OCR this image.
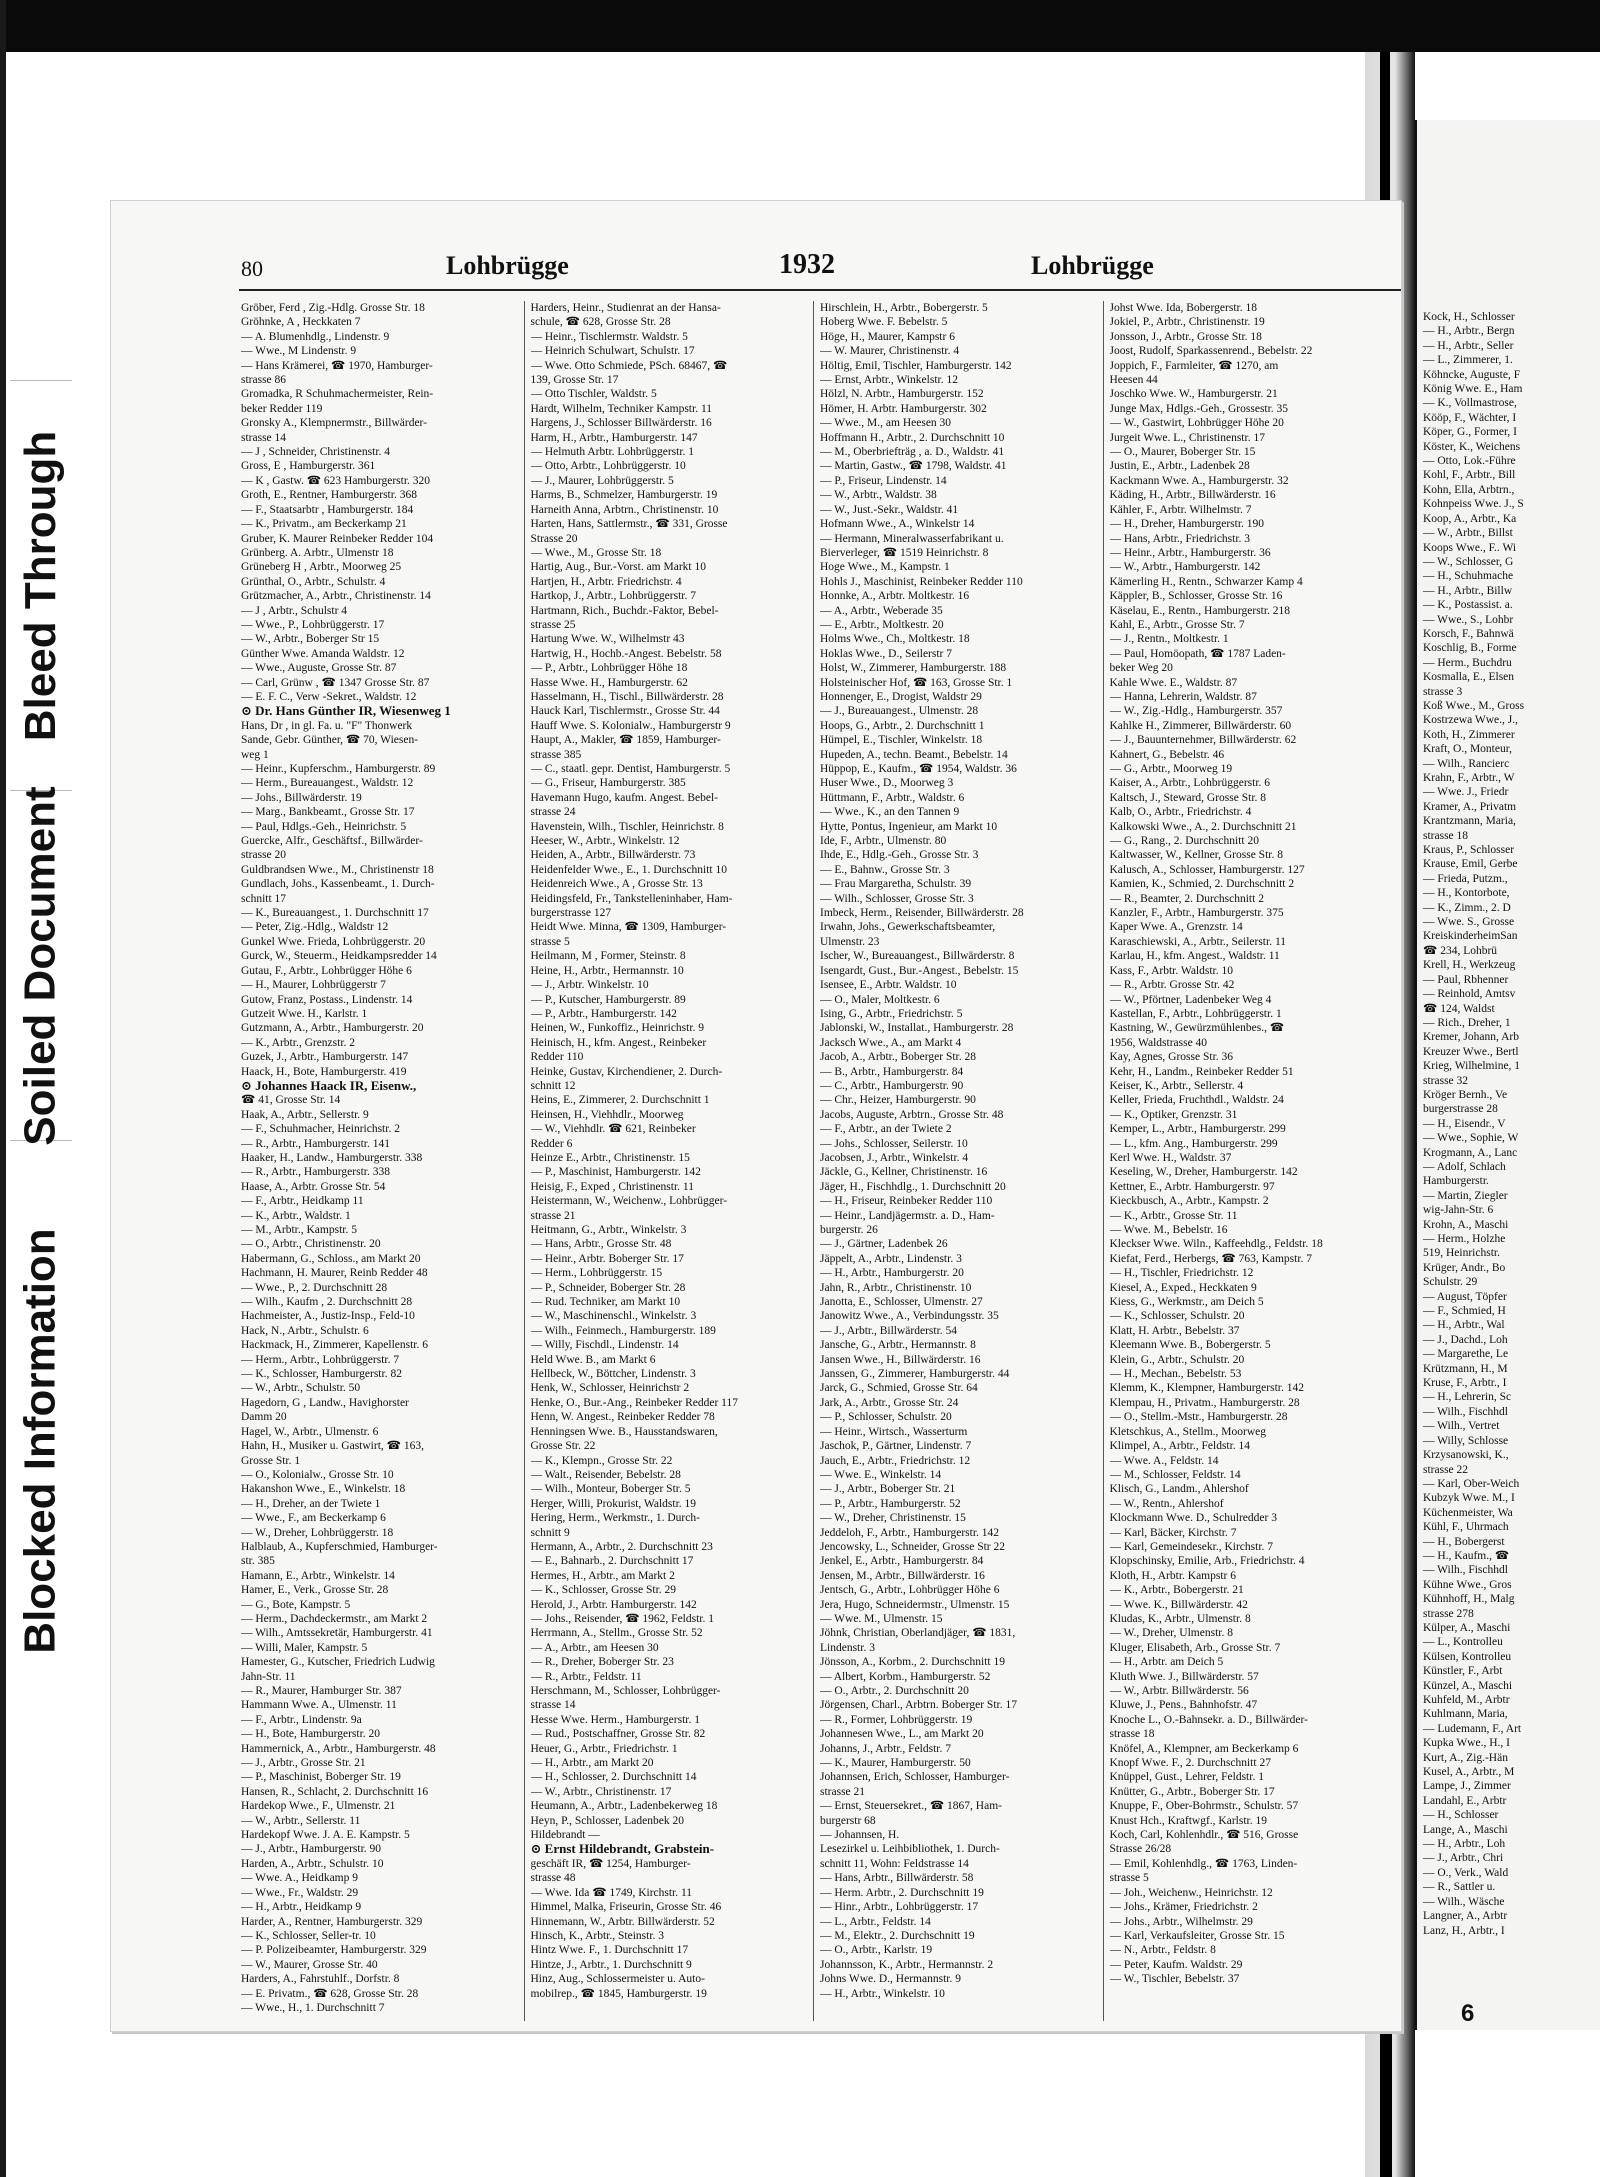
Blocked Information
Soiled Document
Bleed Through
80	Lohbrügge	1932	Lohbrügge
Gröber, Ferd , Zig.-Hdlg. Grosse Str. 18
Gröhnke, A , Heckkaten 7
— A. Blumenhdlg., Lindenstr. 9
— Wwe., M Lindenstr. 9
— Hans Krämerei, ☎ 1970, Hamburger-
strasse 86
Gromadka, R Schuhmachermeister, Rein-
beker Redder 119
Gronsky A., Klempnermstr., Billwärder-
strasse 14
— J , Schneider, Christinenstr. 4
Gross, E , Hamburgerstr. 361
— K , Gastw. ☎ 623 Hamburgerstr. 320
Groth, E., Rentner, Hamburgerstr. 368
— F., Staatsarbtr , Hamburgerstr. 184
— K., Privatm., am Beckerkamp 21
Gruber, K. Maurer Reinbeker Redder 104
Grünberg. A. Arbtr., Ulmenstr 18
Grüneberg H , Arbtr., Moorweg 25
Grünthal, O., Arbtr., Schulstr. 4
Grützmacher, A., Arbtr., Christinenstr. 14
— J , Arbtr., Schulstr 4
— Wwe., P., Lohbrüggerstr. 17
— W., Arbtr., Boberger Str 15
Günther Wwe. Amanda Waldstr. 12
— Wwe., Auguste, Grosse Str. 87
— Carl, Grünw , ☎ 1347 Grosse Str. 87
— E. F. C., Verw -Sekret., Waldstr. 12
⊙ Dr. Hans Günther IR, Wiesenweg 1
Hans, Dr , in gl. Fa. u. "F" Thonwerk
Sande, Gebr. Günther, ☎ 70, Wiesen-
weg 1
— Heinr., Kupferschm., Hamburgerstr. 89
— Herm., Bureauangest., Waldstr. 12
— Johs., Billwärderstr. 19
— Marg., Bankbeamt., Grosse Str. 17
— Paul, Hdlgs.-Geh., Heinrichstr. 5
Guercke, Alfr., Geschäftsf., Billwärder-
strasse 20
Guldbrandsen Wwe., M., Christinenstr 18
Gundlach, Johs., Kassenbeamt., 1. Durch-
schnitt 17
— K., Bureauangest., 1. Durchschnitt 17
— Peter, Zig.-Hdlg., Waldstr 12
Gunkel Wwe. Frieda, Lohbrüggerstr. 20
Gurck, W., Steuerm., Heidkampsredder 14
Gutau, F., Arbtr., Lohbrügger Höhe 6
— H., Maurer, Lohbrüggerstr 7
Gutow, Franz, Postass., Lindenstr. 14
Gutzeit Wwe. H., Karlstr. 1
Gutzmann, A., Arbtr., Hamburgerstr. 20
— K., Arbtr., Grenzstr. 2
Guzek, J., Arbtr., Hamburgerstr. 147
Haack, H., Bote, Hamburgerstr. 419
⊙ Johannes Haack IR, Eisenw.,
☎ 41, Grosse Str. 14
Haak, A., Arbtr., Sellerstr. 9
— F., Schuhmacher, Heinrichstr. 2
— R., Arbtr., Hamburgerstr. 141
Haaker, H., Landw., Hamburgerstr. 338
— R., Arbtr., Hamburgerstr. 338
Haase, A., Arbtr. Grosse Str. 54
— F., Arbtr., Heidkamp 11
— K., Arbtr., Waldstr. 1
— M., Arbtr., Kampstr. 5
— O., Arbtr., Christinenstr. 20
Habermann, G., Schloss., am Markt 20
Hachmann, H. Maurer, Reinb Redder 48
— Wwe., P., 2. Durchschnitt 28
— Wilh., Kaufm , 2. Durchschnitt 28
Hachmeister, A., Justiz-Insp., Feld-10
Hack, N., Arbtr., Schulstr. 6
Hackmack, H., Zimmerer, Kapellenstr. 6
— Herm., Arbtr., Lohbrüggerstr. 7
— K., Schlosser, Hamburgerstr. 82
— W., Arbtr., Schulstr. 50
Hagedorn, G , Landw., Havighorster
Damm 20
Hagel, W., Arbtr., Ulmenstr. 6
Hahn, H., Musiker u. Gastwirt, ☎ 163,
Grosse Str. 1
— O., Kolonialw., Grosse Str. 10
Hakanshon Wwe., E., Winkelstr. 18
— H., Dreher, an der Twiete 1
— Wwe., F., am Beckerkamp 6
— W., Dreher, Lohbrüggerstr. 18
Halblaub, A., Kupferschmied, Hamburger-
str. 385
Hamann, E., Arbtr., Winkelstr. 14
Hamer, E., Verk., Grosse Str. 28
— G., Bote, Kampstr. 5
— Herm., Dachdeckermstr., am Markt 2
— Wilh., Amtssekretär, Hamburgerstr. 41
— Willi, Maler, Kampstr. 5
Hamester, G., Kutscher, Friedrich Ludwig
Jahn-Str. 11
— R., Maurer, Hamburger Str. 387
Hammann Wwe. A., Ulmenstr. 11
— F., Arbtr., Lindenstr. 9a
— H., Bote, Hamburgerstr. 20
Hammernick, A., Arbtr., Hamburgerstr. 48
— J., Arbtr., Grosse Str. 21
— P., Maschinist, Boberger Str. 19
Hansen, R., Schlacht, 2. Durchschnitt 16
Hardekop Wwe., F., Ulmenstr. 21
— W., Arbtr., Sellerstr. 11
Hardekopf Wwe. J. A. E. Kampstr. 5
— J., Arbtr., Hamburgerstr. 90
Harden, A., Arbtr., Schulstr. 10
— Wwe. A., Heidkamp 9
— Wwe., Fr., Waldstr. 29
— H., Arbtr., Heidkamp 9
Harder, A., Rentner, Hamburgerstr. 329
— K., Schlosser, Seller-tr. 10
— P. Polizeibeamter, Hamburgerstr. 329
— W., Maurer, Grosse Str. 40
Harders, A., Fahrstuhlf., Dorfstr. 8
— E. Privatm., ☎ 628, Grosse Str. 28
— Wwe., H., 1. Durchschnitt 7
Harders, Heinr., Studienrat an der Hansa-
schule, ☎ 628, Grosse Str. 28
— Heinr., Tischlermstr. Waldstr. 5
— Heinrich Schulwart, Schulstr. 17
— Wwe. Otto Schmiede, PSch. 68467, ☎
139, Grosse Str. 17
— Otto Tischler, Waldstr. 5
Hardt, Wilhelm, Techniker Kampstr. 11
Hargens, J., Schlosser Billwärderstr. 16
Harm, H., Arbtr., Hamburgerstr. 147
— Helmuth Arbtr. Lohbrüggerstr. 1
— Otto, Arbtr., Lohbrüggerstr. 10
— J., Maurer, Lohbrüggerstr. 5
Harms, B., Schmelzer, Hamburgerstr. 19
Harneith Anna, Arbtrn., Christinenstr. 10
Harten, Hans, Sattlermstr., ☎ 331, Grosse
Strasse 20
— Wwe., M., Grosse Str. 18
Hartig, Aug., Bur.-Vorst. am Markt 10
Hartjen, H., Arbtr. Friedrichstr. 4
Hartkop, J., Arbtr., Lohbrüggerstr. 7
Hartmann, Rich., Buchdr.-Faktor, Bebel-
strasse 25
Hartung Wwe. W., Wilhelmstr 43
Hartwig, H., Hochb.-Angest. Bebelstr. 58
— P., Arbtr., Lohbrügger Höhe 18
Hasse Wwe. H., Hamburgerstr. 62
Hasselmann, H., Tischl., Billwärderstr. 28
Hauck Karl, Tischlermstr., Grosse Str. 44
Hauff Wwe. S. Kolonialw., Hamburgerstr 9
Haupt, A., Makler, ☎ 1859, Hamburger-
strasse 385
— C., staatl. gepr. Dentist, Hamburgerstr. 5
— G., Friseur, Hamburgerstr. 385
Havemann Hugo, kaufm. Angest. Bebel-
strasse 24
Havenstein, Wilh., Tischler, Heinrichstr. 8
Heeser, W., Arbtr., Winkelstr. 12
Heiden, A., Arbtr., Billwärderstr. 73
Heidenfelder Wwe., E., 1. Durchschnitt 10
Heidenreich Wwe., A , Grosse Str. 13
Heidingsfeld, Fr., Tankstelleninhaber, Ham-
burgerstrasse 127
Heidt Wwe. Minna, ☎ 1309, Hamburger-
strasse 5
Heilmann, M , Former, Steinstr. 8
Heine, H., Arbtr., Hermannstr. 10
— J., Arbtr. Winkelstr. 10
— P., Kutscher, Hamburgerstr. 89
— P., Arbtr., Hamburgerstr. 142
Heinen, W., Funkoffiz., Heinrichstr. 9
Heinisch, H., kfm. Angest., Reinbeker
Redder 110
Heinke, Gustav, Kirchendiener, 2. Durch-
schnitt 12
Heins, E., Zimmerer, 2. Durchschnitt 1
Heinsen, H., Viehhdlr., Moorweg
— W., Viehhdlr. ☎ 621, Reinbeker
Redder 6
Heinze E., Arbtr., Christinenstr. 15
— P., Maschinist, Hamburgerstr. 142
Heisig, F., Exped , Christinenstr. 11
Heistermann, W., Weichenw., Lohbrügger-
strasse 21
Heitmann, G., Arbtr., Winkelstr. 3
— Hans, Arbtr., Grosse Str. 48
— Heinr., Arbtr. Boberger Str. 17
— Herm., Lohbrüggerstr. 15
— P., Schneider, Boberger Str. 28
— Rud. Techniker, am Markt 10
— W., Maschinenschl., Winkelstr. 3
— Wilh., Feinmech., Hamburgerstr. 189
— Willy, Fischdl., Lindenstr. 14
Held Wwe. B., am Markt 6
Hellbeck, W., Böttcher, Lindenstr. 3
Henk, W., Schlosser, Heinrichstr 2
Henke, O., Bur.-Ang., Reinbeker Redder 117
Henn, W. Angest., Reinbeker Redder 78
Henningsen Wwe. B., Hausstandswaren,
Grosse Str. 22
— K., Klempn., Grosse Str. 22
— Walt., Reisender, Bebelstr. 28
— Wilh., Monteur, Boberger Str. 5
Herger, Willi, Prokurist, Waldstr. 19
Hering, Herm., Werkmstr., 1. Durch-
schnitt 9
Hermann, A., Arbtr., 2. Durchschnitt 23
— E., Bahnarb., 2. Durchschnitt 17
Hermes, H., Arbtr., am Markt 2
— K., Schlosser, Grosse Str. 29
Herold, J., Arbtr. Hamburgerstr. 142
— Johs., Reisender, ☎ 1962, Feldstr. 1
Herrmann, A., Stellm., Grosse Str. 52
— A., Arbtr., am Heesen 30
— R., Dreher, Boberger Str. 23
— R., Arbtr., Feldstr. 11
Herschmann, M., Schlosser, Lohbrügger-
strasse 14
Hesse Wwe. Herm., Hamburgerstr. 1
— Rud., Postschaffner, Grosse Str. 82
Heuer, G., Arbtr., Friedrichstr. 1
— H., Arbtr., am Markt 20
— H., Schlosser, 2. Durchschnitt 14
— W., Arbtr., Christinenstr. 17
Heumann, A., Arbtr., Ladenbekerweg 18
Heyn, P., Schlosser, Ladenbek 20
Hildebrandt —
⊙ Ernst Hildebrandt, Grabstein-
geschäft IR, ☎ 1254, Hamburger-
strasse 48
— Wwe. Ida ☎ 1749, Kirchstr. 11
Himmel, Malka, Friseurin, Grosse Str. 46
Hinnemann, W., Arbtr. Billwärderstr. 52
Hinsch, K., Arbtr., Steinstr. 3
Hintz Wwe. F., 1. Durchschnitt 17
Hintze, J., Arbtr., 1. Durchschnitt 9
Hinz, Aug., Schlossermeister u. Auto-
mobilrep., ☎ 1845, Hamburgerstr. 19
Hirschlein, H., Arbtr., Bobergerstr. 5
Hoberg Wwe. F. Bebelstr. 5
Höge, H., Maurer, Kampstr 6
— W. Maurer, Christinenstr. 4
Höltig, Emil, Tischler, Hamburgerstr. 142
— Ernst, Arbtr., Winkelstr. 12
Hölzl, N. Arbtr., Hamburgerstr. 152
Hömer, H. Arbtr. Hamburgerstr. 302
— Wwe., M., am Heesen 30
Hoffmann H., Arbtr., 2. Durchschnitt 10
— M., Oberbriefträg , a. D., Waldstr. 41
— Martin, Gastw., ☎ 1798, Waldstr. 41
— P., Friseur, Lindenstr. 14
— W., Arbtr., Waldstr. 38
— W., Just.-Sekr., Waldstr. 41
Hofmann Wwe., A., Winkelstr 14
— Hermann, Mineralwasserfabrikant u.
Bierverleger, ☎ 1519 Heinrichstr. 8
Hoge Wwe., M., Kampstr. 1
Hohls J., Maschinist, Reinbeker Redder 110
Honnke, A., Arbtr. Moltkestr. 16
— A., Arbtr., Weberade 35
— E., Arbtr., Moltkestr. 20
Holms Wwe., Ch., Moltkestr. 18
Hoklas Wwe., D., Seilerstr 7
Holst, W., Zimmerer, Hamburgerstr. 188
Holsteinischer Hof, ☎ 163, Grosse Str. 1
Honnenger, E., Drogist, Waldstr 29
— J., Bureauangest., Ulmenstr. 28
Hoops, G., Arbtr., 2. Durchschnitt 1
Hümpel, E., Tischler, Winkelstr. 18
Hupeden, A., techn. Beamt., Bebelstr. 14
Hüppop, E., Kaufm., ☎ 1954, Waldstr. 36
Huser Wwe., D., Moorweg 3
Hüttmann, F., Arbtr., Waldstr. 6
— Wwe., K., an den Tannen 9
Hytte, Pontus, Ingenieur, am Markt 10
Ide, F., Arbtr., Ulmenstr. 80
Ihde, E., Hdlg.-Geh., Grosse Str. 3
— E., Bahnw., Grosse Str. 3
— Frau Margaretha, Schulstr. 39
— Wilh., Schlosser, Grosse Str. 3
Imbeck, Herm., Reisender, Billwärderstr. 28
Irwahn, Johs., Gewerkschaftsbeamter,
Ulmenstr. 23
Ischer, W., Bureauangest., Billwärderstr. 8
Isengardt, Gust., Bur.-Angest., Bebelstr. 15
Isensee, E., Arbtr. Waldstr. 10
— O., Maler, Moltkestr. 6
Ising, G., Arbtr., Friedrichstr. 5
Jablonski, W., Installat., Hamburgerstr. 28
Jacksch Wwe., A., am Markt 4
Jacob, A., Arbtr., Boberger Str. 28
— B., Arbtr., Hamburgerstr. 84
— C., Arbtr., Hamburgerstr. 90
— Chr., Heizer, Hamburgerstr. 90
Jacobs, Auguste, Arbtrn., Grosse Str. 48
— F., Arbtr., an der Twiete 2
— Johs., Schlosser, Seilerstr. 10
Jacobsen, J., Arbtr., Winkelstr. 4
Jäckle, G., Kellner, Christinenstr. 16
Jäger, H., Fischhdlg., 1. Durchschnitt 20
— H., Friseur, Reinbeker Redder 110
— Heinr., Landjägermstr. a. D., Ham-
burgerstr. 26
— J., Gärtner, Ladenbek 26
Jäppelt, A., Arbtr., Lindenstr. 3
— H., Arbtr., Hamburgerstr. 20
Jahn, R., Arbtr., Christinenstr. 10
Janotta, E., Schlosser, Ulmenstr. 27
Janowitz Wwe., A., Verbindungsstr. 35
— J., Arbtr., Billwärderstr. 54
Jansche, G., Arbtr., Hermannstr. 8
Jansen Wwe., H., Billwärderstr. 16
Janssen, G., Zimmerer, Hamburgerstr. 44
Jarck, G., Schmied, Grosse Str. 64
Jark, A., Arbtr., Grosse Str. 24
— P., Schlosser, Schulstr. 20
— Heinr., Wirtsch., Wasserturm
Jaschok, P., Gärtner, Lindenstr. 7
Jauch, E., Arbtr., Friedrichstr. 12
— Wwe. E., Winkelstr. 14
— J., Arbtr., Boberger Str. 21
— P., Arbtr., Hamburgerstr. 52
— W., Dreher, Christinenstr. 15
Jeddeloh, F., Arbtr., Hamburgerstr. 142
Jencowsky, L., Schneider, Grosse Str 22
Jenkel, E., Arbtr., Hamburgerstr. 84
Jensen, M., Arbtr., Billwärderstr. 16
Jentsch, G., Arbtr., Lohbrügger Höhe 6
Jera, Hugo, Schneidermstr., Ulmenstr. 15
— Wwe. M., Ulmenstr. 15
Jöhnk, Christian, Oberlandjäger, ☎ 1831,
Lindenstr. 3
Jönsson, A., Korbm., 2. Durchschnitt 19
— Albert, Korbm., Hamburgerstr. 52
— O., Arbtr., 2. Durchschnitt 20
Jörgensen, Charl., Arbtrn. Boberger Str. 17
— R., Former, Lohbrüggerstr. 19
Johannesen Wwe., L., am Markt 20
Johanns, J., Arbtr., Feldstr. 7
— K., Maurer, Hamburgerstr. 50
Johannsen, Erich, Schlosser, Hamburger-
strasse 21
— Ernst, Steuersekret., ☎ 1867, Ham-
burgerstr 68
— Johannsen, H.
Lesezirkel u. Leihbibliothek, 1. Durch-
schnitt 11, Wohn: Feldstrasse 14
— Hans, Arbtr., Billwärderstr. 58
— Herm. Arbtr., 2. Durchschnitt 19
— Hinr., Arbtr., Lohbrüggerstr. 17
— L., Arbtr., Feldstr. 14
— M., Elektr., 2. Durchschnitt 19
— O., Arbtr., Karlstr. 19
Johannsson, K., Arbtr., Hermannstr. 2
Johns Wwe. D., Hermannstr. 9
— H., Arbtr., Winkelstr. 10
Johst Wwe. Ida, Bobergerstr. 18
Jokiel, P., Arbtr., Christinenstr. 19
Jonsson, J., Arbtr., Grosse Str. 18
Joost, Rudolf, Sparkassenrend., Bebelstr. 22
Joppich, F., Farmleiter, ☎ 1270, am
Heesen 44
Joschko Wwe. W., Hamburgerstr. 21
Junge Max, Hdlgs.-Geh., Grossestr. 35
— W., Gastwirt, Lohbrügger Höhe 20
Jurgeit Wwe. L., Christinenstr. 17
— O., Maurer, Boberger Str. 15
Justin, E., Arbtr., Ladenbek 28
Kackmann Wwe. A., Hamburgerstr. 32
Käding, H., Arbtr., Billwärderstr. 16
Kähler, F., Arbtr. Wilhelmstr. 7
— H., Dreher, Hamburgerstr. 190
— Hans, Arbtr., Friedrichstr. 3
— Heinr., Arbtr., Hamburgerstr. 36
— W., Arbtr., Hamburgerstr. 142
Kämerling H., Rentn., Schwarzer Kamp 4
Käppler, B., Schlosser, Grosse Str. 16
Käselau, E., Rentn., Hamburgerstr. 218
Kahl, E., Arbtr., Grosse Str. 7
— J., Rentn., Moltkestr. 1
— Paul, Homöopath, ☎ 1787 Laden-
beker Weg 20
Kahle Wwe. E., Waldstr. 87
— Hanna, Lehrerin, Waldstr. 87
— W., Zig.-Hdlg., Hamburgerstr. 357
Kahlke H., Zimmerer, Billwärderstr. 60
— J., Bauunternehmer, Billwärderstr. 62
Kahnert, G., Bebelstr. 46
— G., Arbtr., Moorweg 19
Kaiser, A., Arbtr., Lohbrüggerstr. 6
Kaltsch, J., Steward, Grosse Str. 8
Kalb, O., Arbtr., Friedrichstr. 4
Kalkowski Wwe., A., 2. Durchschnitt 21
— G., Rang., 2. Durchschnitt 20
Kaltwasser, W., Kellner, Grosse Str. 8
Kalusch, A., Schlosser, Hamburgerstr. 127
Kamien, K., Schmied, 2. Durchschnitt 2
— R., Beamter, 2. Durchschnitt 2
Kanzler, F., Arbtr., Hamburgerstr. 375
Kaper Wwe. A., Grenzstr. 14
Karaschiewski, A., Arbtr., Seilerstr. 11
Karlau, H., kfm. Angest., Waldstr. 11
Kass, F., Arbtr. Waldstr. 10
— R., Arbtr. Grosse Str. 42
— W., Pförtner, Ladenbeker Weg 4
Kastellan, F., Arbtr., Lohbrüggerstr. 1
Kastning, W., Gewürzmühlenbes., ☎
1956, Waldstrasse 40
Kay, Agnes, Grosse Str. 36
Kehr, H., Landm., Reinbeker Redder 51
Keiser, K., Arbtr., Sellerstr. 4
Keller, Frieda, Fruchthdl., Waldstr. 24
— K., Optiker, Grenzstr. 31
Kemper, L., Arbtr., Hamburgerstr. 299
— L., kfm. Ang., Hamburgerstr. 299
Kerl Wwe. H., Waldstr. 37
Keseling, W., Dreher, Hamburgerstr. 142
Kettner, E., Arbtr. Hamburgerstr. 97
Kieckbusch, A., Arbtr., Kampstr. 2
— K., Arbtr., Grosse Str. 11
— Wwe. M., Bebelstr. 16
Kleckser Wwe. Wiln., Kaffeehdlg., Feldstr. 18
Kiefat, Ferd., Herbergs, ☎ 763, Kampstr. 7
— H., Tischler, Friedrichstr. 12
Kiesel, A., Exped., Heckkaten 9
Kiess, G., Werkmstr., am Deich 5
— K., Schlosser, Schulstr. 20
Klatt, H. Arbtr., Bebelstr. 37
Kleemann Wwe. B., Bobergerstr. 5
Klein, G., Arbtr., Schulstr. 20
— H., Mechan., Bebelstr. 53
Klemm, K., Klempner, Hamburgerstr. 142
Klempau, H., Privatm., Hamburgerstr. 28
— O., Stellm.-Mstr., Hamburgerstr. 28
Kletschkus, A., Stellm., Moorweg
Klimpel, A., Arbtr., Feldstr. 14
— Wwe. A., Feldstr. 14
— M., Schlosser, Feldstr. 14
Klisch, G., Landm., Ahlershof
— W., Rentn., Ahlershof
Klockmann Wwe. D., Schulredder 3
— Karl, Bäcker, Kirchstr. 7
— Karl, Gemeindesekr., Kirchstr. 7
Klopschinsky, Emilie, Arb., Friedrichstr. 4
Kloth, H., Arbtr. Kampstr 6
— K., Arbtr., Bobergerstr. 21
— Wwe. K., Billwärderstr. 42
Kludas, K., Arbtr., Ulmenstr. 8
— W., Dreher, Ulmenstr. 8
Kluger, Elisabeth, Arb., Grosse Str. 7
— H., Arbtr. am Deich 5
Kluth Wwe. J., Billwärderstr. 57
— W., Arbtr. Billwärderstr. 56
Kluwe, J., Pens., Bahnhofstr. 47
Knoche L., O.-Bahnsekr. a. D., Billwärder-
strasse 18
Knöfel, A., Klempner, am Beckerkamp 6
Knopf Wwe. F., 2. Durchschnitt 27
Knüppel, Gust., Lehrer, Feldstr. 1
Knütter, G., Arbtr., Boberger Str. 17
Knuppe, F., Ober-Bohrmstr., Schulstr. 57
Knust Hch., Kraftwgf., Karlstr. 19
Koch, Carl, Kohlenhdlr., ☎ 516, Grosse
Strasse 26/28
— Emil, Kohlenhdlg., ☎ 1763, Linden-
strasse 5
— Joh., Weichenw., Heinrichstr. 12
— Johs., Krämer, Friedrichstr. 2
— Johs., Arbtr., Wilhelmstr. 29
— Karl, Verkaufsleiter, Grosse Str. 15
— N., Arbtr., Feldstr. 8
— Peter, Kaufm. Waldstr. 29
— W., Tischler, Bebelstr. 37
Kock, H., Schlosser
— H., Arbtr., Bergn
— H., Arbtr., Seller
— L., Zimmerer, 1.
Köhncke, Auguste, F
König Wwe. E., Ham
— K., Vollmastrose,
Kööp, F., Wächter, I
Köper, G., Former, I
Köster, K., Weichens
— Otto, Lok.-Führe
Kohl, F., Arbtr., Bill
Kohn, Ella, Arbtrn.,
Kohnpeiss Wwe. J., S
Koop, A., Arbtr., Ka
— W., Arbtr., Billst
Koops Wwe., F.. Wi
— W., Schlosser, G
— H., Schuhmache
— H., Arbtr., Billw
— K., Postassist. a.
— Wwe., S., Lohbr
Korsch, F., Bahnwä
Koschlig, B., Forme
— Herm., Buchdru
Kosmalla, E., Elsen
strasse 3
Koß Wwe., M., Gross
Kostrzewa Wwe., J.,
Koth, H., Zimmerer
Kraft, O., Monteur,
— Wilh., Rancierc
Krahn, F., Arbtr., W
— Wwe. J., Friedr
Kramer, A., Privatm
Krantzmann, Maria,
strasse 18
Kraus, P., Schlosser
Krause, Emil, Gerbe
— Frieda, Putzm.,
— H., Kontorbote,
— K., Zimm., 2. D
— Wwe. S., Grosse
KreiskinderheimSan
☎ 234, Lohbrü
Krell, H., Werkzeug
— Paul, Rbhenner
— Reinhold, Amtsv
☎ 124, Waldst
— Rich., Dreher, 1
Kremer, Johann, Arb
Kreuzer Wwe., Bertl
Krieg, Wilhelmine, 1
strasse 32
Kröger Bernh., Ve
burgerstrasse 28
— H., Eisendr., V
— Wwe., Sophie, W
Krogmann, A., Lanc
— Adolf, Schlach
Hamburgerstr.
— Martin, Ziegler
wig-Jahn-Str. 6
Krohn, A., Maschi
— Herm., Holzhe
519, Heinrichstr.
Krüger, Andr., Bo
Schulstr. 29
— August, Töpfer
— F., Schmied, H
— H., Arbtr., Wal
— J., Dachd., Loh
— Margarethe, Le
Krützmann, H., M
Kruse, F., Arbtr., I
— H., Lehrerin, Sc
— Wilh., Fischhdl
— Wilh., Vertret
— Willy, Schlosse
Krzysanowski, K.,
strasse 22
— Karl, Ober-Weich
Kubzyk Wwe. M., I
Küchenmeister, Wa
Kühl, F., Uhrmach
— H., Bobergerst
— H., Kaufm., ☎
— Wilh., Fischhdl
Kühne Wwe., Gros
Kühnhoff, H., Malg
strasse 278
Külper, A., Maschi
— L., Kontrolleu
Külsen, Kontrolleu
Künstler, F., Arbt
Künzel, A., Maschi
Kuhfeld, M., Arbtr
Kuhlmann, Maria,
— Ludemann, F., Art
Kupka Wwe., H., I
Kurt, A., Zig.-Hän
Kusel, A., Arbtr., M
Lampe, J., Zimmer
Landahl, E., Arbtr
— H., Schlosser
Lange, A., Maschi
— H., Arbtr., Loh
— J., Arbtr., Chri
— O., Verk., Wald
— R., Sattler u.
— Wilh., Wäsche
Langner, A., Arbtr
Lanz, H., Arbtr., I
6
